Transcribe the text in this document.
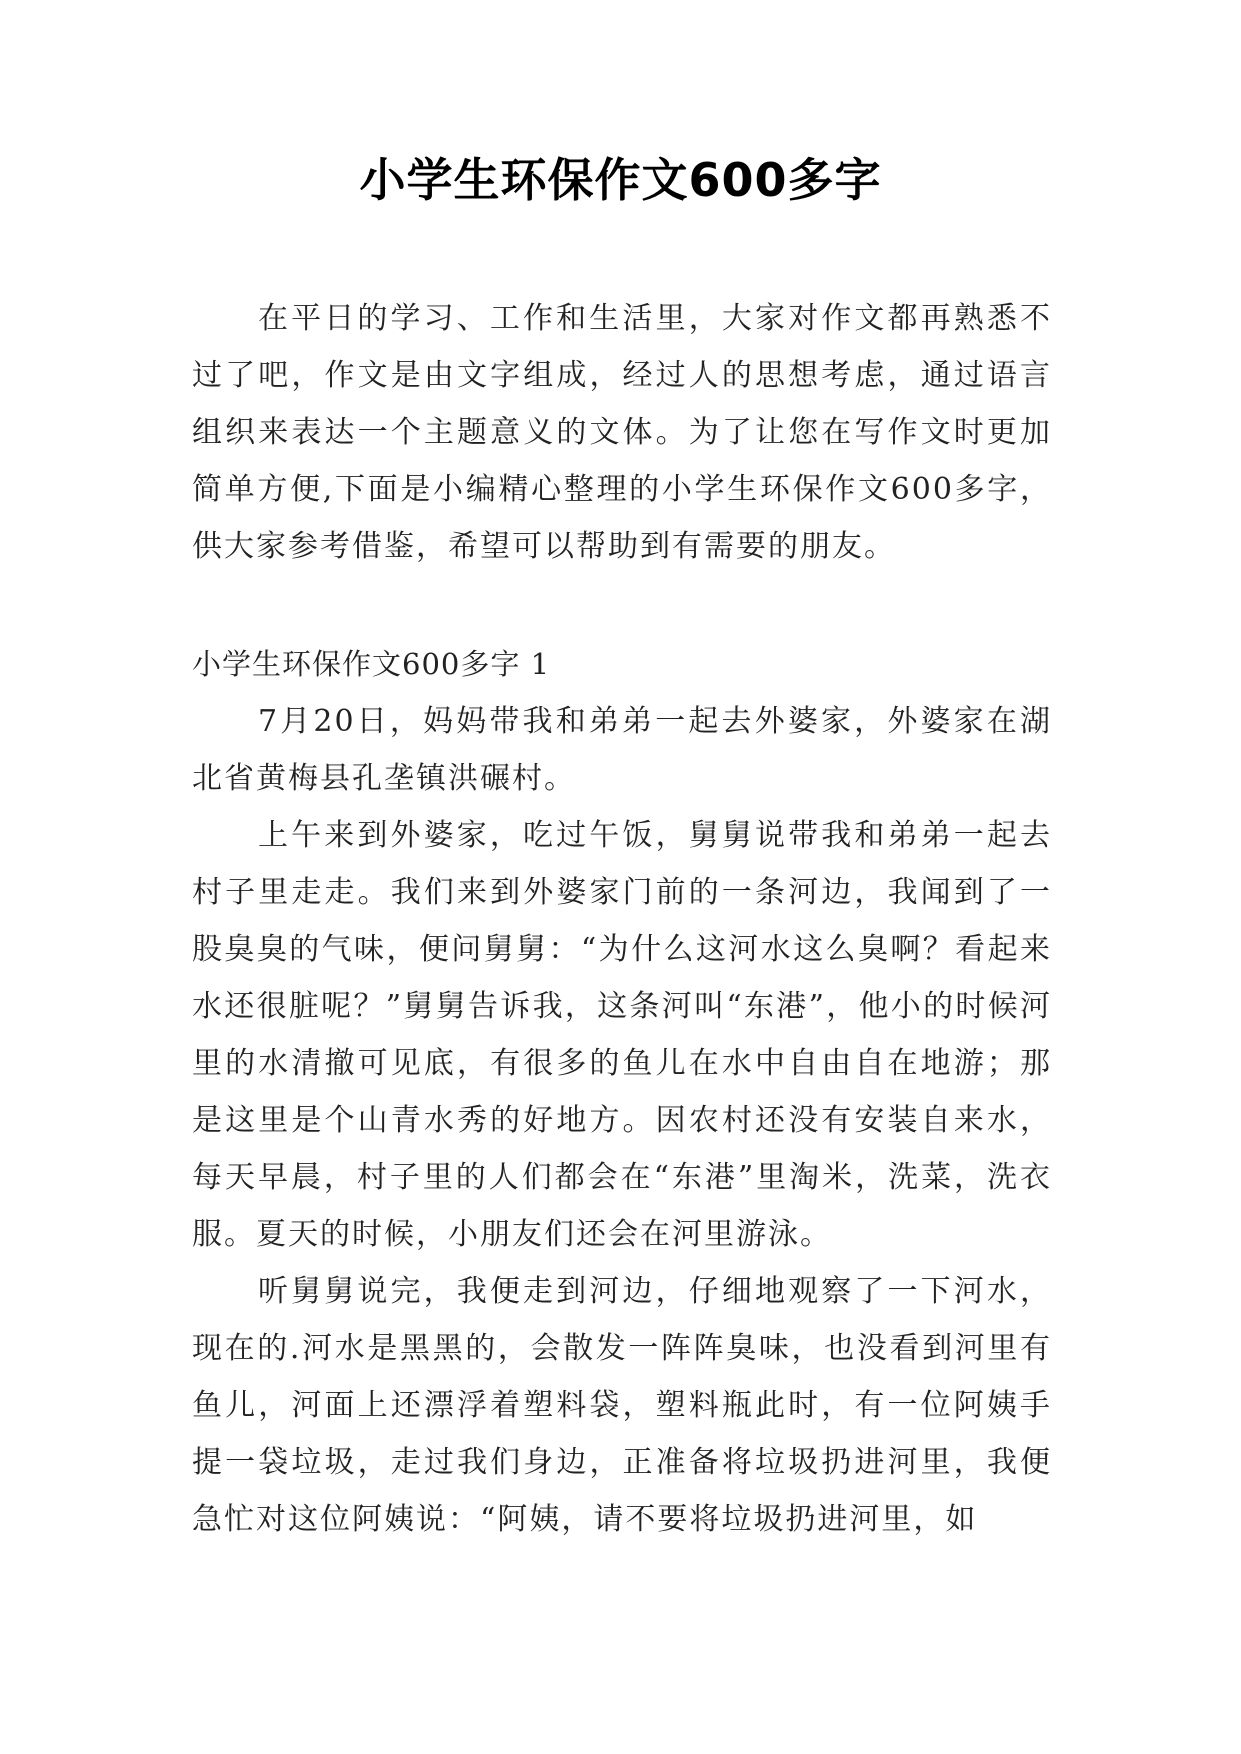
小学生环保作文600多字

在平日的学习、工作和生活里，大家对作文都再熟悉不过了吧，作文是由文字组成，经过人的思想考虑，通过语言组织来表达一个主题意义的文体。为了让您在写作文时更加简单方便,下面是小编精心整理的小学生环保作文600多字，供大家参考借鉴，希望可以帮助到有需要的朋友。

小学生环保作文600多字 1

7月20日，妈妈带我和弟弟一起去外婆家，外婆家在湖北省黄梅县孔垄镇洪碾村。

上午来到外婆家，吃过午饭，舅舅说带我和弟弟一起去村子里走走。我们来到外婆家门前的一条河边，我闻到了一股臭臭的气味，便问舅舅：“为什么这河水这么臭啊？看起来水还很脏呢？”舅舅告诉我，这条河叫“东港”，他小的时候河里的水清撤可见底，有很多的鱼儿在水中自由自在地游；那是这里是个山青水秀的好地方。因农村还没有安装自来水，每天早晨，村子里的人们都会在“东港”里淘米，洗菜，洗衣服。夏天的时候，小朋友们还会在河里游泳。

听舅舅说完，我便走到河边，仔细地观察了一下河水，现在的.河水是黑黑的，会散发一阵阵臭味，也没看到河里有鱼儿，河面上还漂浮着塑料袋，塑料瓶此时，有一位阿姨手提一袋垃圾，走过我们身边，正准备将垃圾扔进河里，我便急忙对这位阿姨说：“阿姨，请不要将垃圾扔进河里，如
